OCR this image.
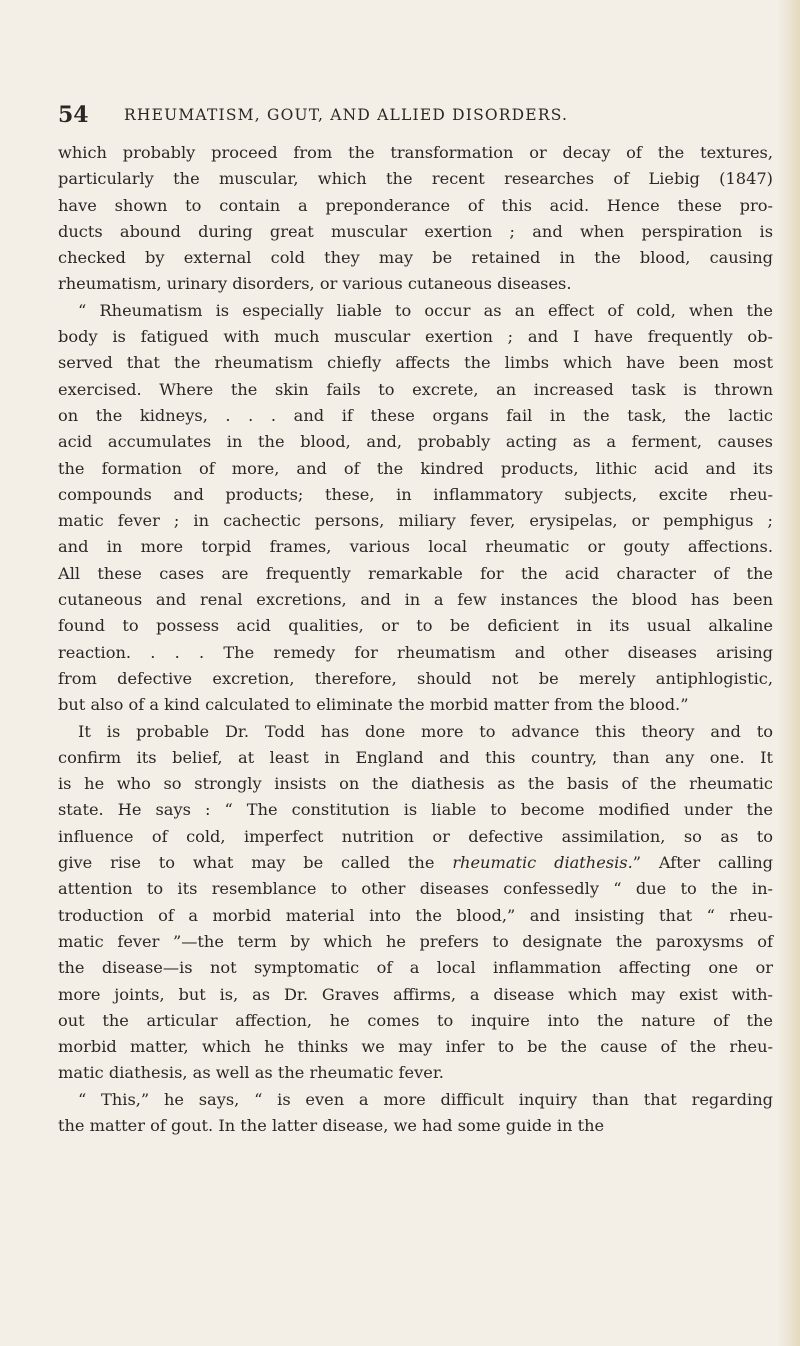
54 RHEUMATISM, GOUT, AND ALLIED DISORDERS.
which probably proceed from the transformation or decay of the textures,
particularly the muscular, which the recent researches of Liebig (1847)
have shown to contain a preponderance of this acid. Hence these pro-
ducts abound during great muscular exertion ; and when perspiration is
checked by external cold they may be retained in the blood, causing
rheumatism, urinary disorders, or various cutaneous diseases.
“ Rheumatism is especially liable to occur as an effect of cold, when the
body is fatigued with much muscular exertion ; and I have frequently ob-
served that the rheumatism chiefly affects the limbs which have been most
exercised. Where the skin fails to excrete, an increased task is thrown
on the kidneys, . . . and if these organs fail in the task, the lactic
acid accumulates in the blood, and, probably acting as a ferment, causes
the formation of more, and of the kindred products, lithic acid and its
compounds and products; these, in inflammatory subjects, excite rheu-
matic fever ; in cachectic persons, miliary fever, erysipelas, or pemphigus ;
and in more torpid frames, various local rheumatic or gouty affections.
All these cases are frequently remarkable for the acid character of the
cutaneous and renal excretions, and in a few instances the blood has been
found to possess acid qualities, or to be deficient in its usual alkaline
reaction. . . . The remedy for rheumatism and other diseases arising
from defective excretion, therefore, should not be merely antiphlogistic,
but also of a kind calculated to eliminate the morbid matter from the blood.”
It is probable Dr. Todd has done more to advance this theory and to
confirm its belief, at least in England and this country, than any one. It
is he who so strongly insists on the diathesis as the basis of the rheumatic
state. He says : “ The constitution is liable to become modified under the
influence of cold, imperfect nutrition or defective assimilation, so as to
give rise to what may be called the rheumatic diathesis.” After calling
attention to its resemblance to other diseases confessedly “ due to the in-
troduction of a morbid material into the blood,” and insisting that “ rheu-
matic fever ”—the term by which he prefers to designate the paroxysms of
the disease—is not symptomatic of a local inflammation affecting one or
more joints, but is, as Dr. Graves affirms, a disease which may exist with-
out the articular affection, he comes to inquire into the nature of the
morbid matter, which he thinks we may infer to be the cause of the rheu-
matic diathesis, as well as the rheumatic fever.
“ This,” he says, “ is even a more difficult inquiry than that regarding
the matter of gout. In the latter disease, we had some guide in the
